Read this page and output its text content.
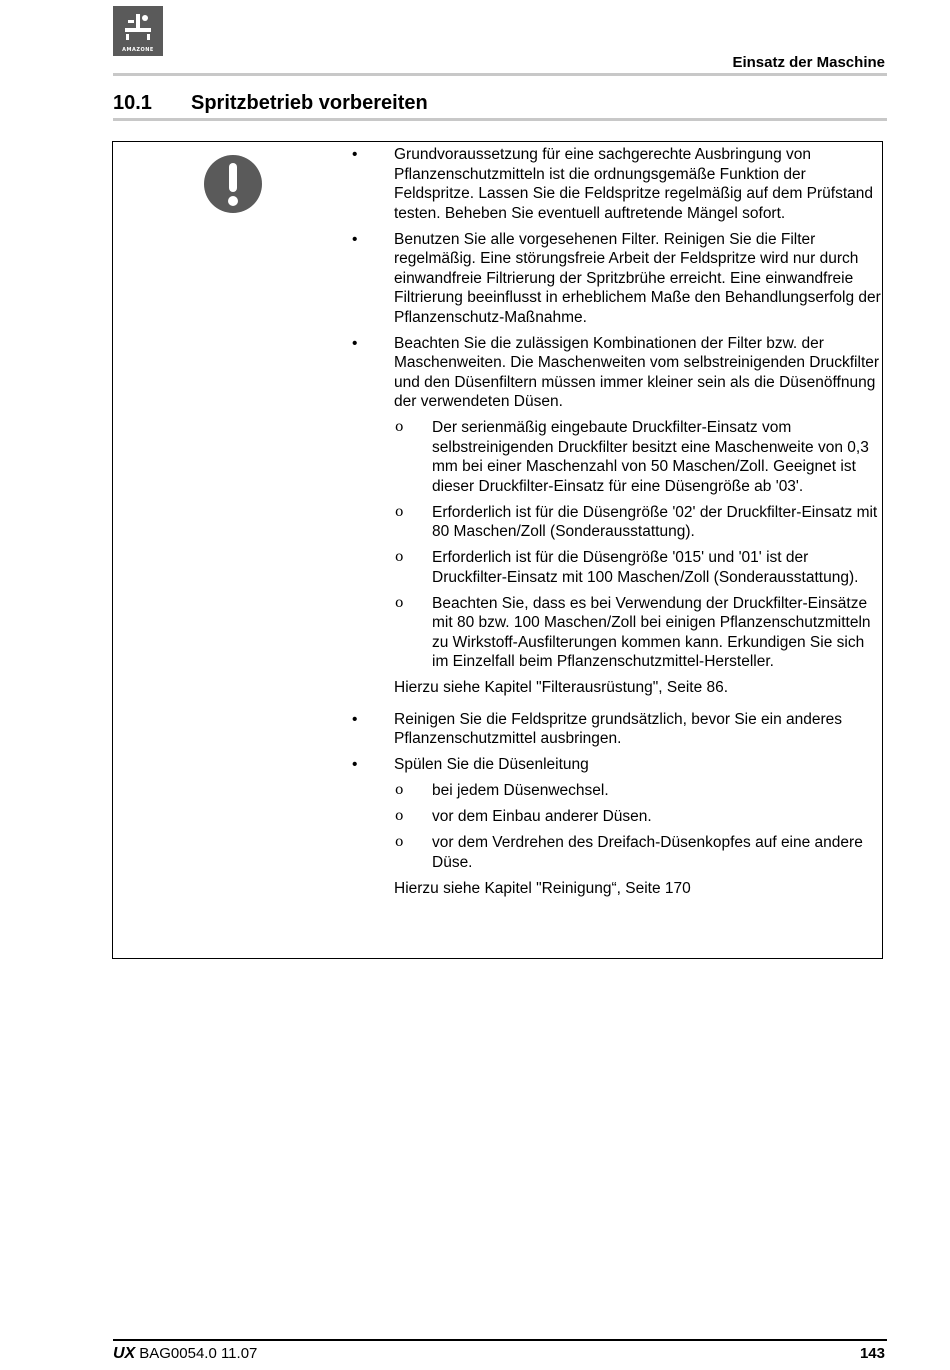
AMAZONE
Einsatz der Maschine
10.1 Spritzbetrieb vorbereiten
• Grundvoraussetzung für eine sachgerechte Ausbringung von Pflanzenschutzmitteln ist die ordnungsgemäße Funktion der Feldspritze. Lassen Sie die Feldspritze regelmäßig auf dem Prüfstand testen. Beheben Sie eventuell auftretende Mängel sofort.
• Benutzen Sie alle vorgesehenen Filter. Reinigen Sie die Filter regelmäßig. Eine störungsfreie Arbeit der Feldspritze wird nur durch einwandfreie Filtrierung der Spritzbrühe erreicht. Eine einwandfreie Filtrierung beeinflusst in erheblichem Maße den Behandlungserfolg der Pflanzenschutz-Maßnahme.
• Beachten Sie die zulässigen Kombinationen der Filter bzw. der Maschenweiten. Die Maschenweiten vom selbstreinigenden Druckfilter und den Düsenfiltern müssen immer kleiner sein als die Düsenöffnung der verwendeten Düsen.
ο Der serienmäßig eingebaute Druckfilter-Einsatz vom selbstreinigenden Druckfilter besitzt eine Maschenweite von 0,3 mm bei einer Maschenzahl von 50 Maschen/Zoll. Geeignet ist dieser Druckfilter-Einsatz für eine Düsengröße ab '03'.
ο Erforderlich ist für die Düsengröße '02' der Druckfilter-Einsatz mit 80 Maschen/Zoll (Sonderausstattung).
ο Erforderlich ist für die Düsengröße '015' und '01' ist der Druckfilter-Einsatz mit 100 Maschen/Zoll (Sonderausstattung).
ο Beachten Sie, dass es bei Verwendung der Druckfilter-Einsätze mit 80 bzw. 100 Maschen/Zoll bei einigen Pflanzenschutzmitteln zu Wirkstoff-Ausfilterungen kommen kann. Erkundigen Sie sich im Einzelfall beim Pflanzenschutzmittel-Hersteller.
Hierzu siehe Kapitel "Filterausrüstung", Seite 86.
• Reinigen Sie die Feldspritze grundsätzlich, bevor Sie ein anderes Pflanzenschutzmittel ausbringen.
• Spülen Sie die Düsenleitung
ο bei jedem Düsenwechsel.
ο vor dem Einbau anderer Düsen.
ο vor dem Verdrehen des Dreifach-Düsenkopfes auf eine andere Düse.
Hierzu siehe Kapitel "Reinigung“, Seite 170
UX BAG0054.0 11.07	143
